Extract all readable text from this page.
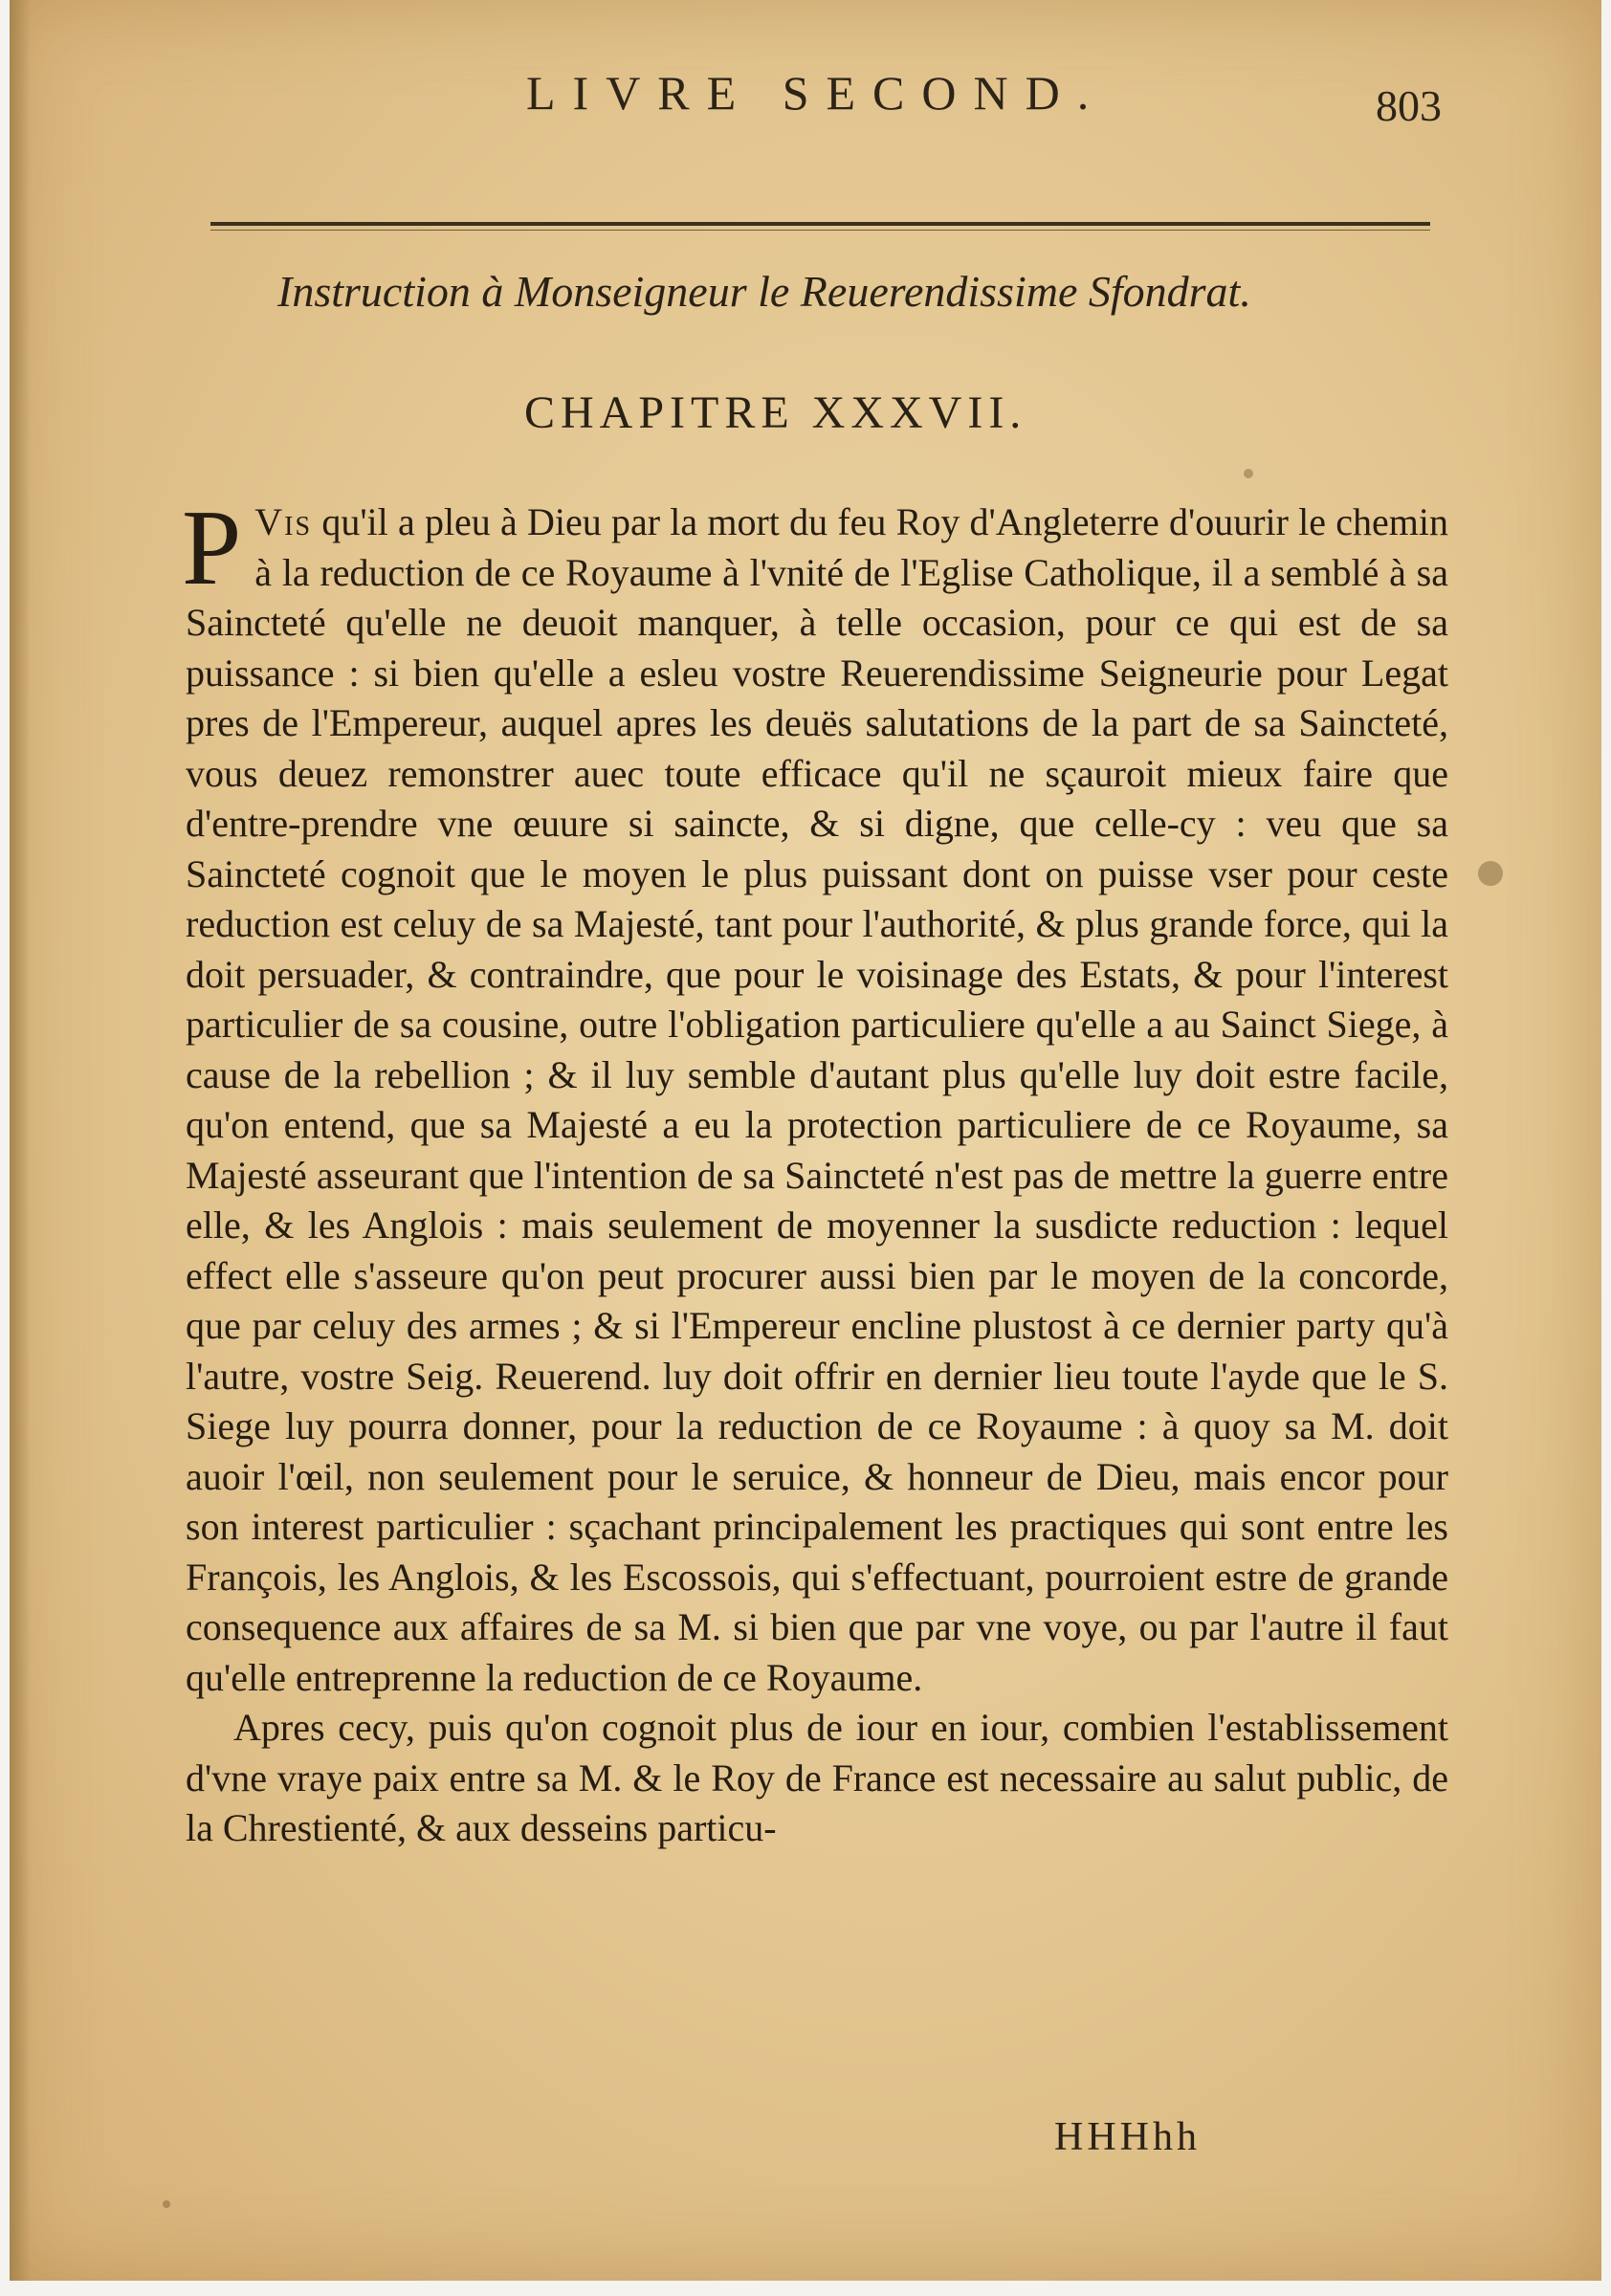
LIVRE SECOND.	803
Instruction à Monseigneur le Reuerendissime Sfondrat.
CHAPITRE XXXVII.

P Vis qu'il a pleu à Dieu par la mort du feu Roy d'Angleterre d'ouurir le chemin à la reduction de ce Royaume à l'vnité de l'Eglise Catholique, il a semblé à sa Saincteté qu'elle ne deuoit manquer, à telle occasion, pour ce qui est de sa puissance : si bien qu'elle a esleu vostre Reuerendissime Seigneurie pour Legat pres de l'Empereur, auquel apres les deuës salutations de la part de sa Saincteté, vous deuez remonstrer auec toute efficace qu'il ne sçauroit mieux faire que d'entre-prendre vne œuure si saincte, & si digne, que celle-cy : veu que sa Saincteté cognoit que le moyen le plus puissant dont on puisse vser pour ceste reduction est celuy de sa Majesté, tant pour l'authorité, & plus grande force, qui la doit persuader, & contraindre, que pour le voisinage des Estats, & pour l'interest particulier de sa cousine, outre l'obligation particuliere qu'elle a au Sainct Siege, à cause de la rebellion ; & il luy semble d'autant plus qu'elle luy doit estre facile, qu'on entend, que sa Majesté a eu la protection particuliere de ce Royaume, sa Majesté asseurant que l'intention de sa Saincteté n'est pas de mettre la guerre entre elle, & les Anglois : mais seulement de moyenner la susdicte reduction : lequel effect elle s'asseure qu'on peut procurer aussi bien par le moyen de la concorde, que par celuy des armes ; & si l'Empereur encline plustost à ce dernier party qu'à l'autre, vostre Seig. Reuerend. luy doit offrir en dernier lieu toute l'ayde que le S. Siege luy pourra donner, pour la reduction de ce Royaume : à quoy sa M. doit auoir l'œil, non seulement pour le seruice, & honneur de Dieu, mais encor pour son interest particulier : sçachant principalement les practiques qui sont entre les François, les Anglois, & les Escossois, qui s'effectuant, pourroient estre de grande consequence aux affaires de sa M. si bien que par vne voye, ou par l'autre il faut qu'elle entreprenne la reduction de ce Royaume.

Apres cecy, puis qu'on cognoit plus de iour en iour, combien l'establissement d'vne vraye paix entre sa M. & le Roy de France est necessaire au salut public, de la Chrestienté, & aux desseins particu-

HHHhh
